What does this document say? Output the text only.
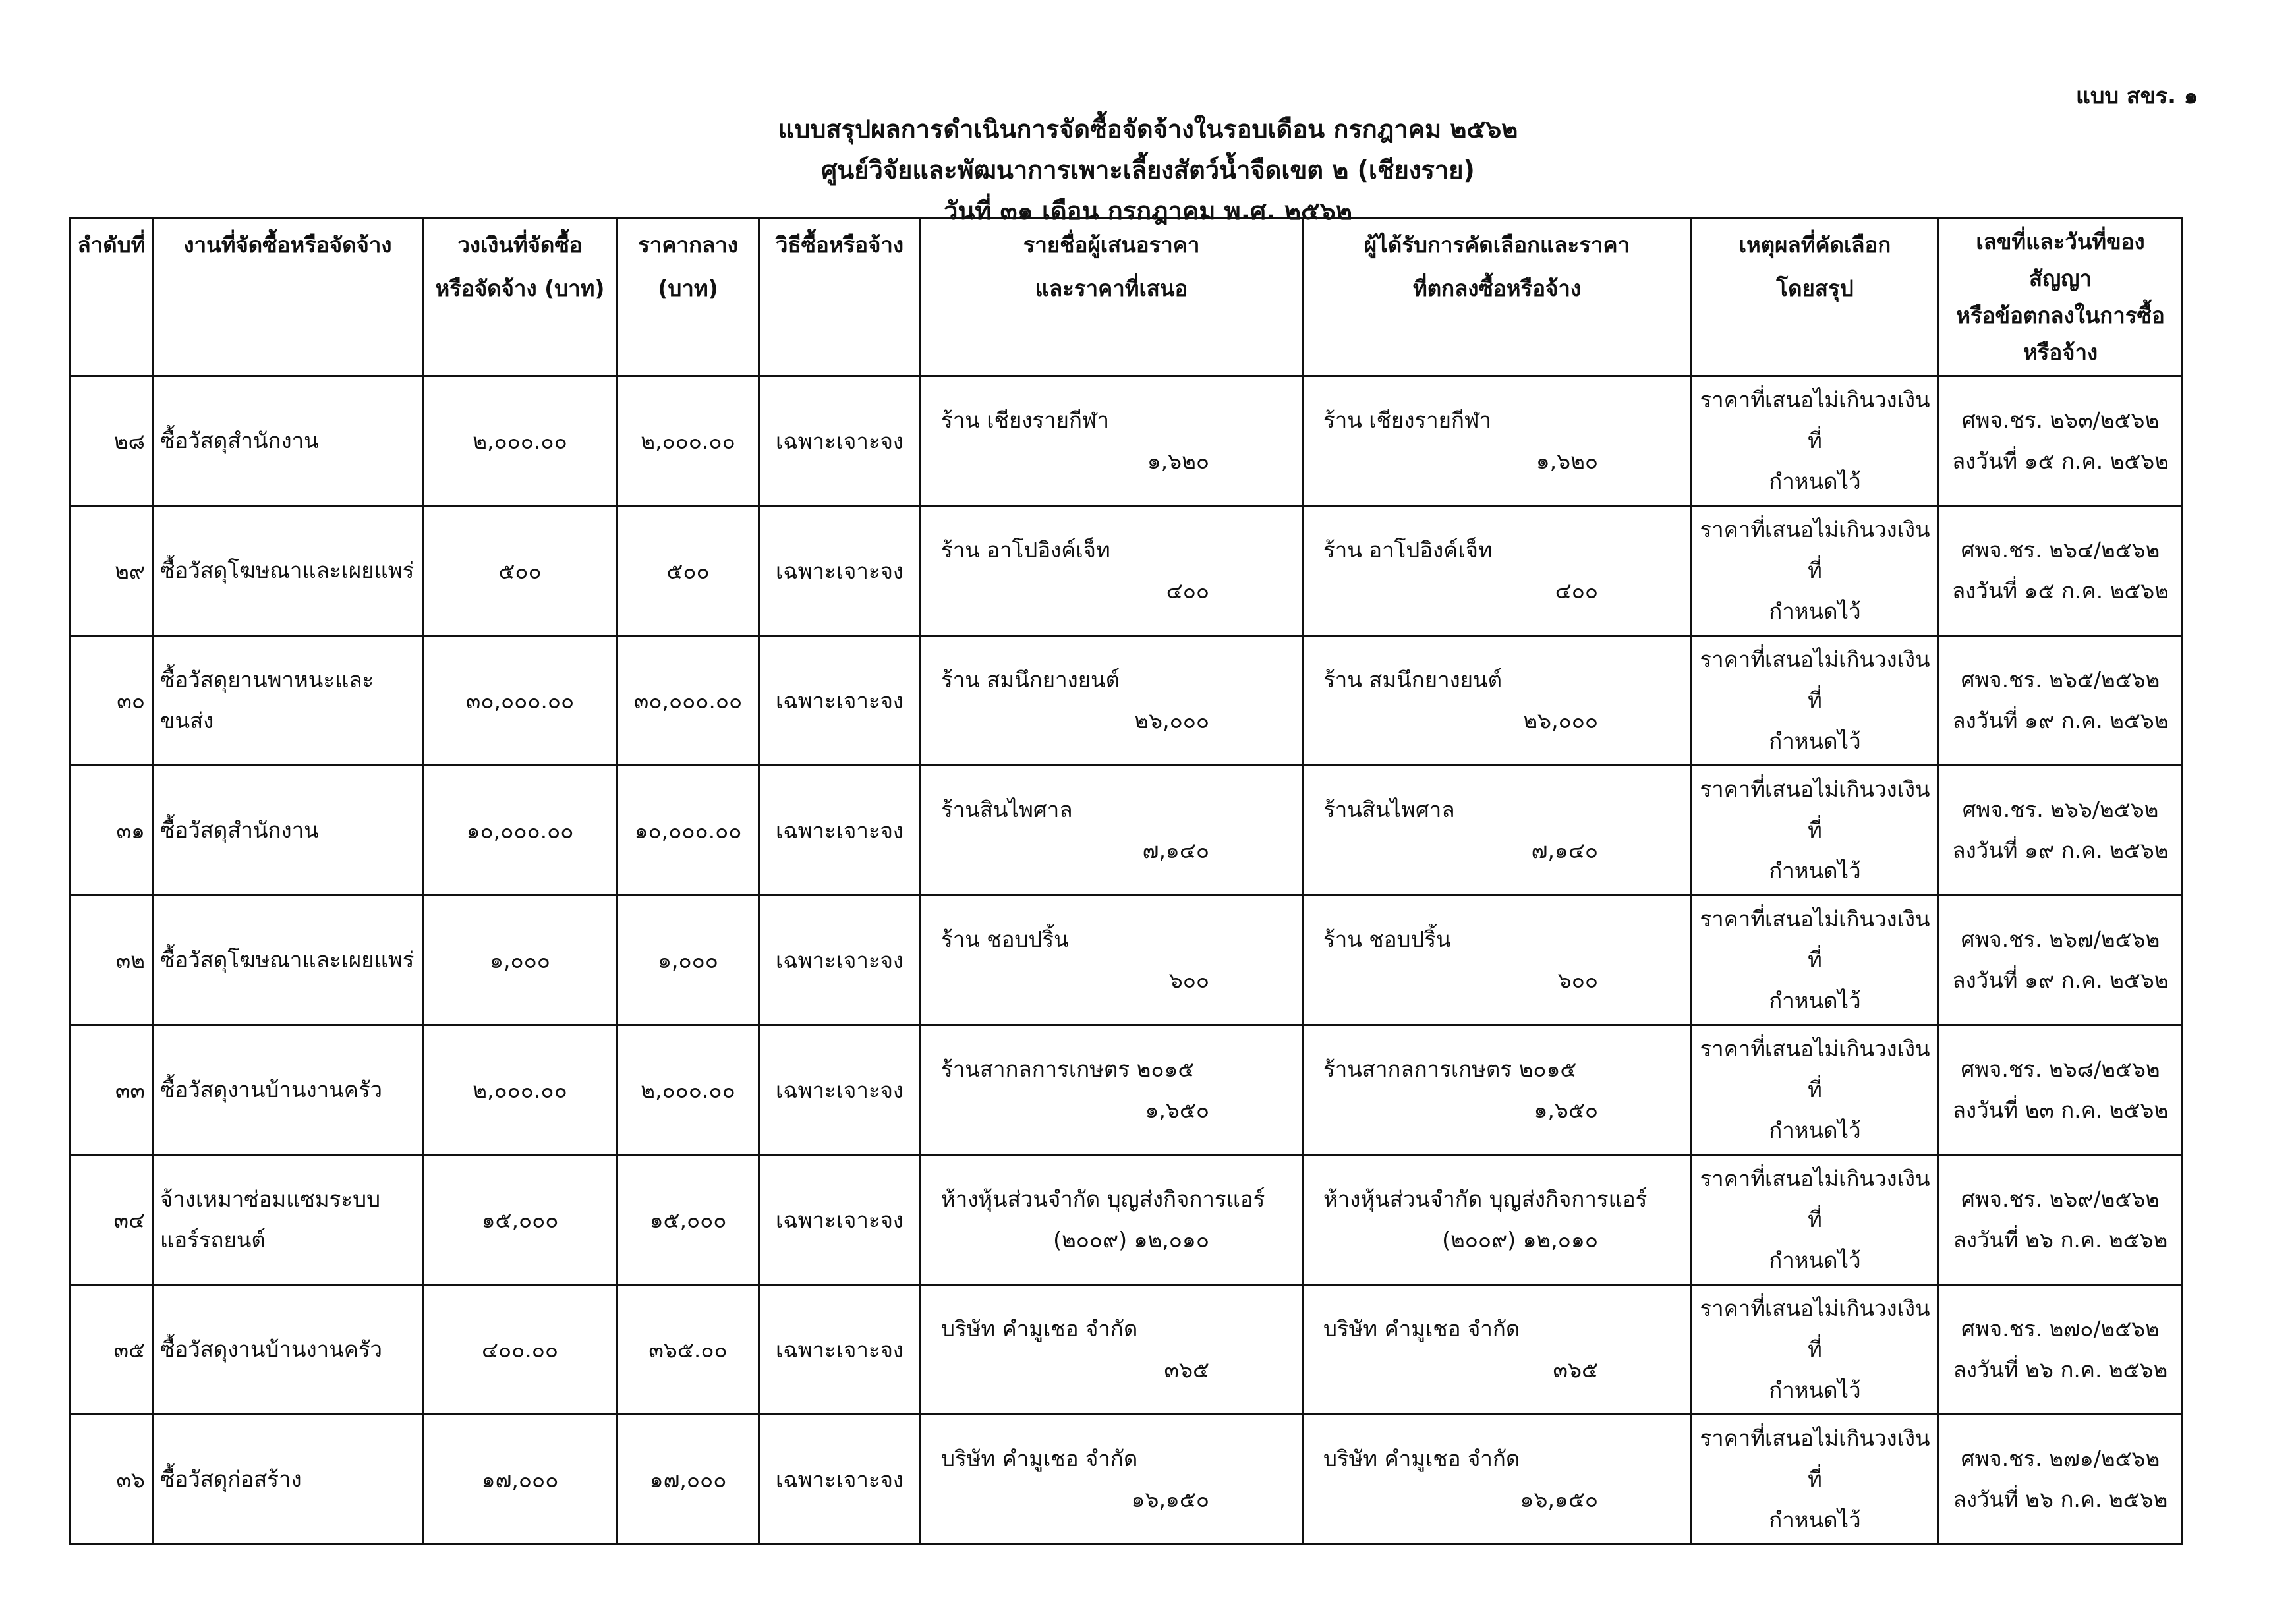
แบบ สขร. ๑
แบบสรุปผลการดำเนินการจัดซื้อจัดจ้างในรอบเดือน กรกฎาคม ๒๕๖๒
ศูนย์วิจัยและพัฒนาการเพาะเลี้ยงสัตว์น้ำจืดเขต ๒ (เชียงราย)
วันที่ ๓๑ เดือน กรกฎาคม พ.ศ. ๒๕๖๒
ลำดับที่	งานที่จัดซื้อหรือจัดจ้าง	วงเงินที่จัดซื้อ
หรือจัดจ้าง (บาท)	ราคากลาง
(บาท)	วิธีซื้อหรือจ้าง	รายชื่อผู้เสนอราคา
และราคาที่เสนอ	ผู้ได้รับการคัดเลือกและราคา
ที่ตกลงซื้อหรือจ้าง	เหตุผลที่คัดเลือก
โดยสรุป	เลขที่และวันที่ของสัญญา
หรือข้อตกลงในการซื้อ
หรือจ้าง

๒๘	ซื้อวัสดุสำนักงาน	๒,๐๐๐.๐๐	๒,๐๐๐.๐๐	เฉพาะเจาะจง	ร้าน เชียงรายกีฬา
๑,๖๒๐	ร้าน เชียงรายกีฬา
๑,๖๒๐	ราคาที่เสนอไม่เกินวงเงินที่
กำหนดไว้	ศพจ.ชร. ๒๖๓/๒๕๖๒
ลงวันที่ ๑๕ ก.ค. ๒๕๖๒

๒๙	ซื้อวัสดุโฆษณาและเผยแพร่	๕๐๐	๕๐๐	เฉพาะเจาะจง	ร้าน อาโปอิงค์เจ็ท
๔๐๐	ร้าน อาโปอิงค์เจ็ท
๔๐๐	ราคาที่เสนอไม่เกินวงเงินที่
กำหนดไว้	ศพจ.ชร. ๒๖๔/๒๕๖๒
ลงวันที่ ๑๕ ก.ค. ๒๕๖๒

๓๐	ซื้อวัสดุยานพาหนะและ
ขนส่ง	๓๐,๐๐๐.๐๐	๓๐,๐๐๐.๐๐	เฉพาะเจาะจง	ร้าน สมนึกยางยนต์
๒๖,๐๐๐	ร้าน สมนึกยางยนต์
๒๖,๐๐๐	ราคาที่เสนอไม่เกินวงเงินที่
กำหนดไว้	ศพจ.ชร. ๒๖๕/๒๕๖๒
ลงวันที่ ๑๙ ก.ค. ๒๕๖๒

๓๑	ซื้อวัสดุสำนักงาน	๑๐,๐๐๐.๐๐	๑๐,๐๐๐.๐๐	เฉพาะเจาะจง	ร้านสินไพศาล
๗,๑๔๐	ร้านสินไพศาล
๗,๑๔๐	ราคาที่เสนอไม่เกินวงเงินที่
กำหนดไว้	ศพจ.ชร. ๒๖๖/๒๕๖๒
ลงวันที่ ๑๙ ก.ค. ๒๕๖๒

๓๒	ซื้อวัสดุโฆษณาและเผยแพร่	๑,๐๐๐	๑,๐๐๐	เฉพาะเจาะจง	ร้าน ชอบปริ้น
๖๐๐	ร้าน ชอบปริ้น
๖๐๐	ราคาที่เสนอไม่เกินวงเงินที่
กำหนดไว้	ศพจ.ชร. ๒๖๗/๒๕๖๒
ลงวันที่ ๑๙ ก.ค. ๒๕๖๒

๓๓	ซื้อวัสดุงานบ้านงานครัว	๒,๐๐๐.๐๐	๒,๐๐๐.๐๐	เฉพาะเจาะจง	ร้านสากลการเกษตร ๒๐๑๕
๑,๖๕๐	ร้านสากลการเกษตร ๒๐๑๕
๑,๖๕๐	ราคาที่เสนอไม่เกินวงเงินที่
กำหนดไว้	ศพจ.ชร. ๒๖๘/๒๕๖๒
ลงวันที่ ๒๓ ก.ค. ๒๕๖๒

๓๔	จ้างเหมาซ่อมแซมระบบ
แอร์รถยนต์	๑๕,๐๐๐	๑๕,๐๐๐	เฉพาะเจาะจง	ห้างหุ้นส่วนจำกัด บุญส่งกิจการแอร์
(๒๐๐๙) ๑๒,๐๑๐	ห้างหุ้นส่วนจำกัด บุญส่งกิจการแอร์
(๒๐๐๙) ๑๒,๐๑๐	ราคาที่เสนอไม่เกินวงเงินที่
กำหนดไว้	ศพจ.ชร. ๒๖๙/๒๕๖๒
ลงวันที่ ๒๖ ก.ค. ๒๕๖๒

๓๕	ซื้อวัสดุงานบ้านงานครัว	๔๐๐.๐๐	๓๖๕.๐๐	เฉพาะเจาะจง	บริษัท คำมูเชอ จำกัด
๓๖๕	บริษัท คำมูเชอ จำกัด
๓๖๕	ราคาที่เสนอไม่เกินวงเงินที่
กำหนดไว้	ศพจ.ชร. ๒๗๐/๒๕๖๒
ลงวันที่ ๒๖ ก.ค. ๒๕๖๒

๓๖	ซื้อวัสดุก่อสร้าง	๑๗,๐๐๐	๑๗,๐๐๐	เฉพาะเจาะจง	บริษัท คำมูเชอ จำกัด
๑๖,๑๕๐	บริษัท คำมูเชอ จำกัด
๑๖,๑๕๐	ราคาที่เสนอไม่เกินวงเงินที่
กำหนดไว้	ศพจ.ชร. ๒๗๑/๒๕๖๒
ลงวันที่ ๒๖ ก.ค. ๒๕๖๒
